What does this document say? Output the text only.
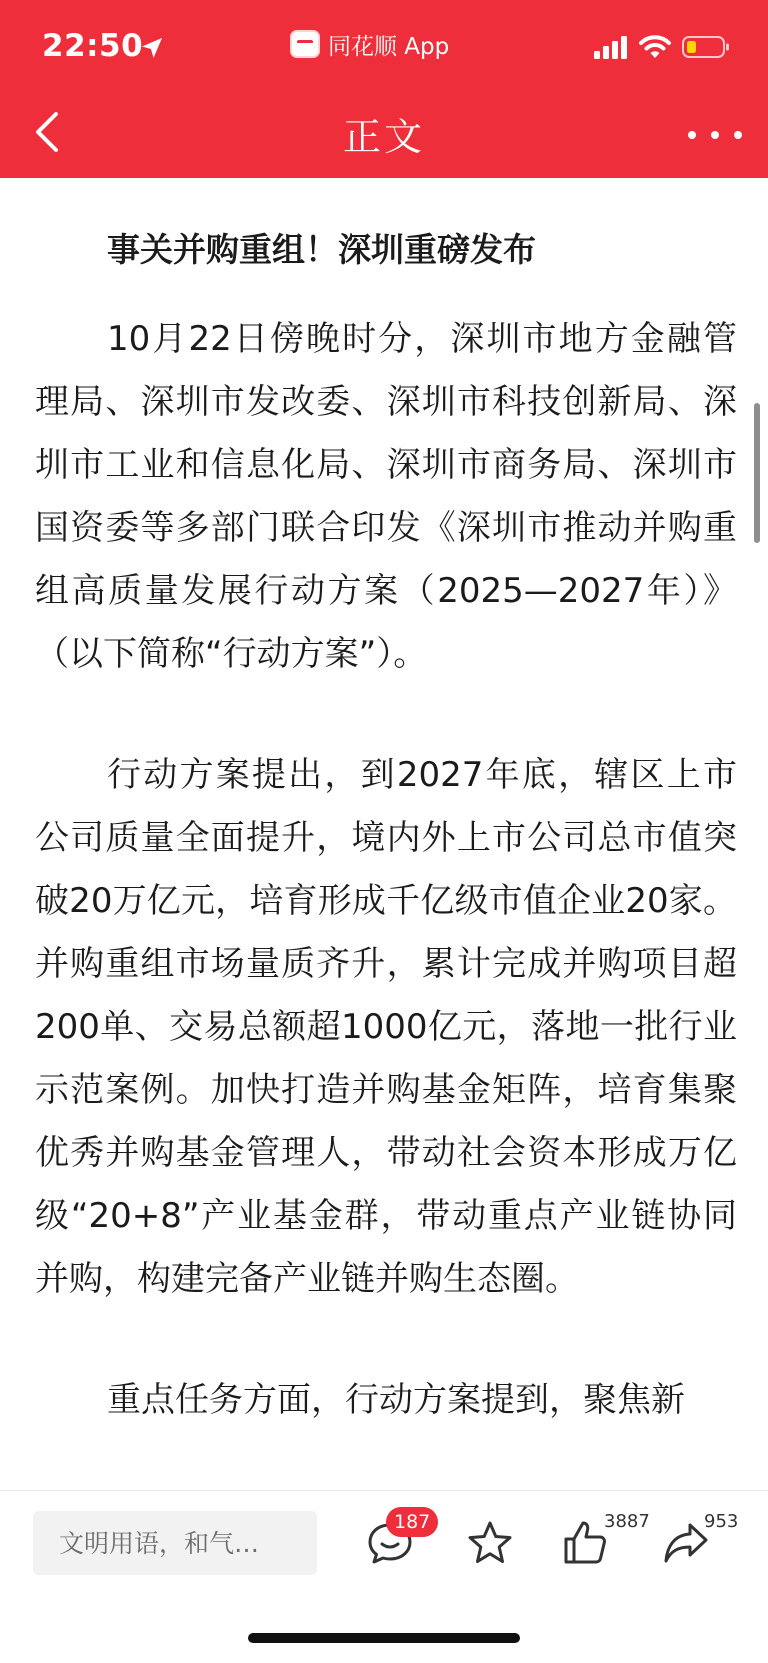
22:50	同花顺 App
正文
事关并购重组！深圳重磅发布

10月22日傍晚时分，深圳市地方金融管理局、深圳市发改委、深圳市科技创新局、深圳市工业和信息化局、深圳市商务局、深圳市国资委等多部门联合印发《深圳市推动并购重组高质量发展行动方案（2025—2027年）》（以下简称“行动方案”）。

行动方案提出，到2027年底，辖区上市公司质量全面提升，境内外上市公司总市值突破20万亿元，培育形成千亿级市值企业20家。并购重组市场量质齐升，累计完成并购项目超200单、交易总额超1000亿元，落地一批行业示范案例。加快打造并购基金矩阵，培育集聚优秀并购基金管理人，带动社会资本形成万亿级“20+8”产业基金群，带动重点产业链协同并购，构建完备产业链并购生态圈。

重点任务方面，行动方案提到，聚焦新

文明用语，和气…
187	3887	953
